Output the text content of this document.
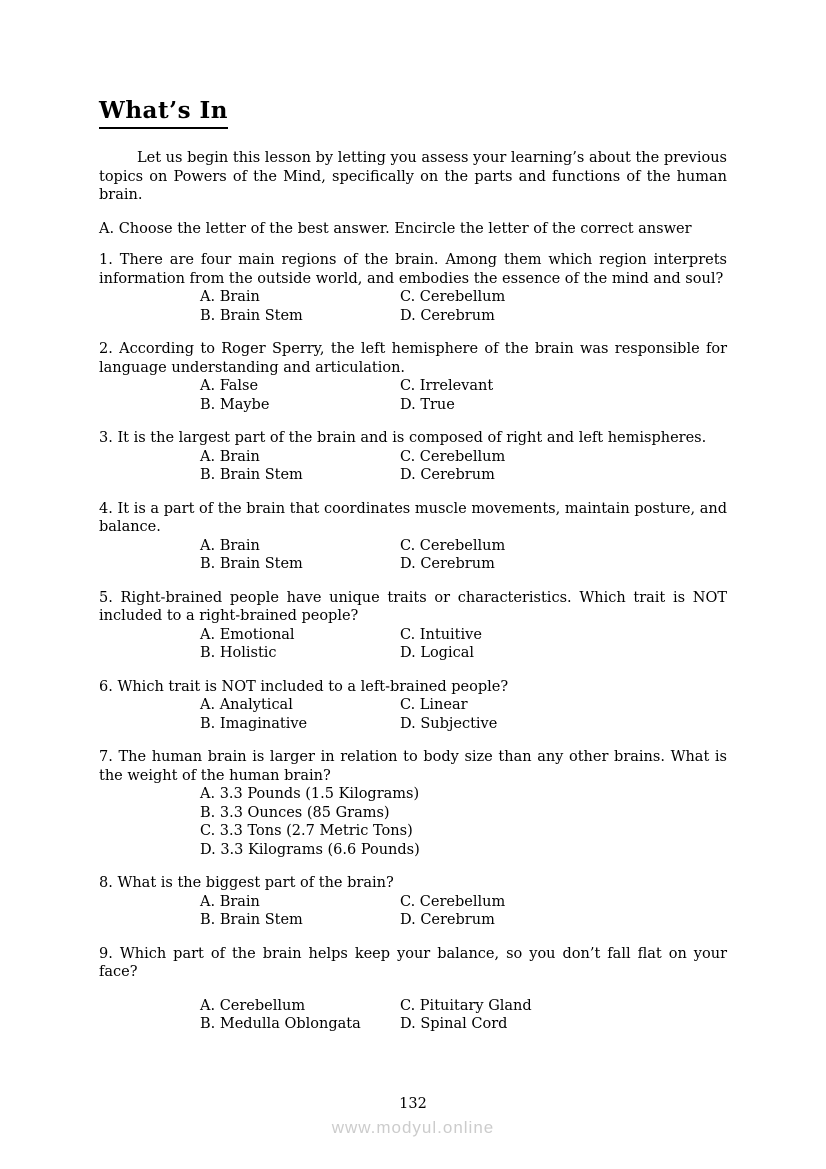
What’s In

Let us begin this lesson by letting you assess your learning’s about the previous topics on Powers of the Mind, specifically on the parts and functions of the human brain.

A. Choose the letter of the best answer. Encircle the letter of the correct answer

1. There are four main regions of the brain. Among them which region interprets information from the outside world, and embodies the essence of the mind and soul?

A. Brain	C. Cerebellum
B. Brain Stem	D. Cerebrum

2. According to Roger Sperry, the left hemisphere of the brain was responsible for language understanding and articulation.

A. False	C. Irrelevant
B. Maybe	D. True

3. It is the largest part of the brain and is composed of right and left hemispheres.

A. Brain	C. Cerebellum
B. Brain Stem	D. Cerebrum

4. It is a part of the brain that coordinates muscle movements, maintain posture, and balance.

A. Brain	C. Cerebellum
B. Brain Stem	D. Cerebrum

5. Right-brained people have unique traits or characteristics. Which trait is NOT included to a right-brained people?

A. Emotional	C. Intuitive
B. Holistic	D. Logical

6. Which trait is NOT included to a left-brained people?

A. Analytical	C. Linear
B. Imaginative	D. Subjective

7. The human brain is larger in relation to body size than any other brains. What is the weight of the human brain?

A. 3.3 Pounds (1.5 Kilograms)
B. 3.3 Ounces (85 Grams)
C. 3.3 Tons (2.7 Metric Tons)
D. 3.3 Kilograms (6.6 Pounds)

8. What is the biggest part of the brain?

A. Brain	C. Cerebellum
B. Brain Stem	D. Cerebrum

9. Which part of the brain helps keep your balance, so you don’t fall flat on your face?

A. Cerebellum	C. Pituitary Gland
B. Medulla Oblongata	D. Spinal Cord
132
www.modyul.online
